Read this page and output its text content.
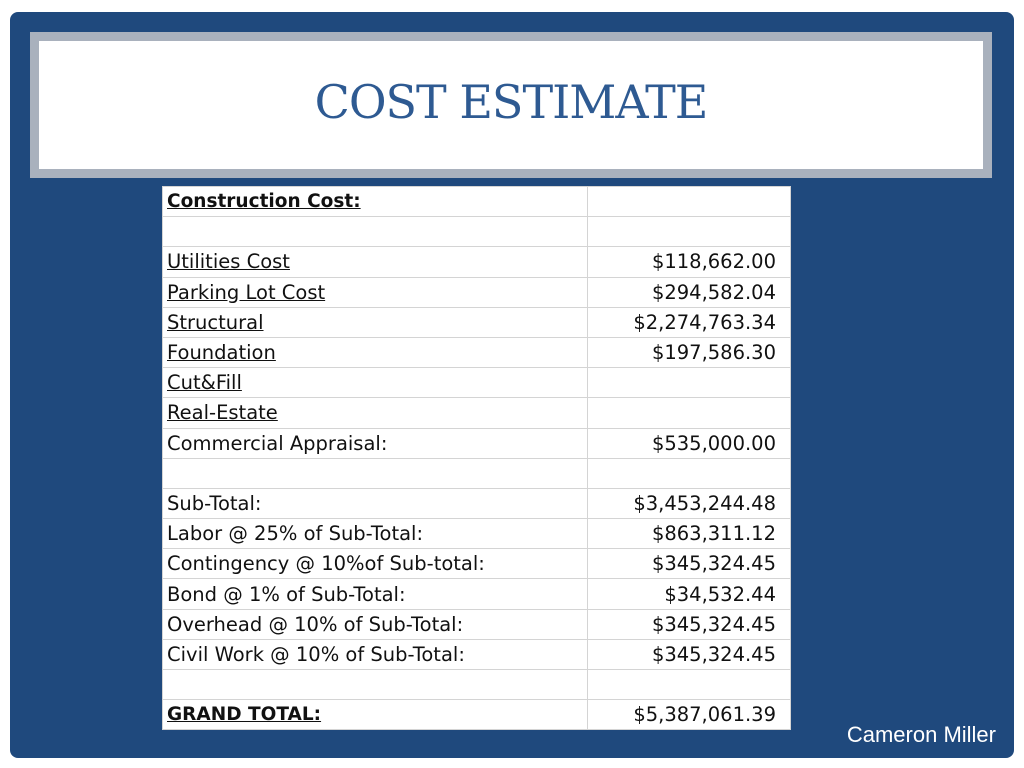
COST ESTIMATE
Construction Cost:	

Utilities Cost	$118,662.00
Parking Lot Cost	$294,582.04
Structural	$2,274,763.34
Foundation	$197,586.30
Cut&Fill	
Real-Estate	
Commercial Appraisal:	$535,000.00

Sub-Total:	$3,453,244.48
Labor @ 25% of Sub-Total:	$863,311.12
Contingency @ 10%of Sub-total:	$345,324.45
Bond @ 1% of Sub-Total:	$34,532.44
Overhead @ 10% of Sub-Total:	$345,324.45
Civil Work @ 10% of Sub-Total:	$345,324.45

GRAND TOTAL:	$5,387,061.39
Cameron Miller
